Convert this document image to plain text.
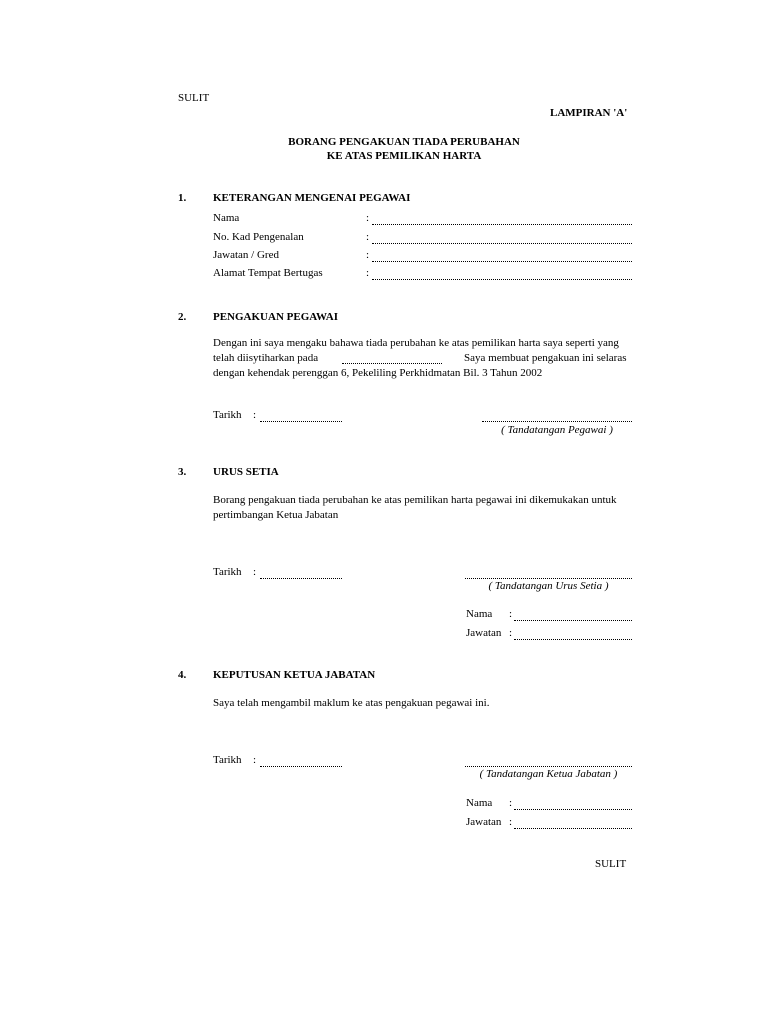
SULIT
LAMPIRAN 'A'
BORANG PENGAKUAN TIADA PERUBAHAN
KE ATAS PEMILIKAN HARTA
1. KETERANGAN MENGENAI PEGAWAI
Nama	:
No. Kad Pengenalan	:
Jawatan / Gred	:
Alamat Tempat Bertugas	:
2. PENGAKUAN PEGAWAI
Dengan ini saya mengaku bahawa tiada perubahan ke atas pemilikan harta saya seperti yang
telah diisytiharkan pada	Saya membuat pengakuan ini selaras
dengan kehendak perenggan 6, Pekeliling Perkhidmatan Bil. 3 Tahun 2002
Tarikh :
( Tandatangan Pegawai )
3. URUS SETIA
Borang pengakuan tiada perubahan ke atas pemilikan harta pegawai ini dikemukakan untuk
pertimbangan Ketua Jabatan
Tarikh :
( Tandatangan Urus Setia )
Nama :
Jawatan :
4. KEPUTUSAN KETUA JABATAN
Saya telah mengambil maklum ke atas pengakuan pegawai ini.
Tarikh :
( Tandatangan Ketua Jabatan )
Nama :
Jawatan :
SULIT
